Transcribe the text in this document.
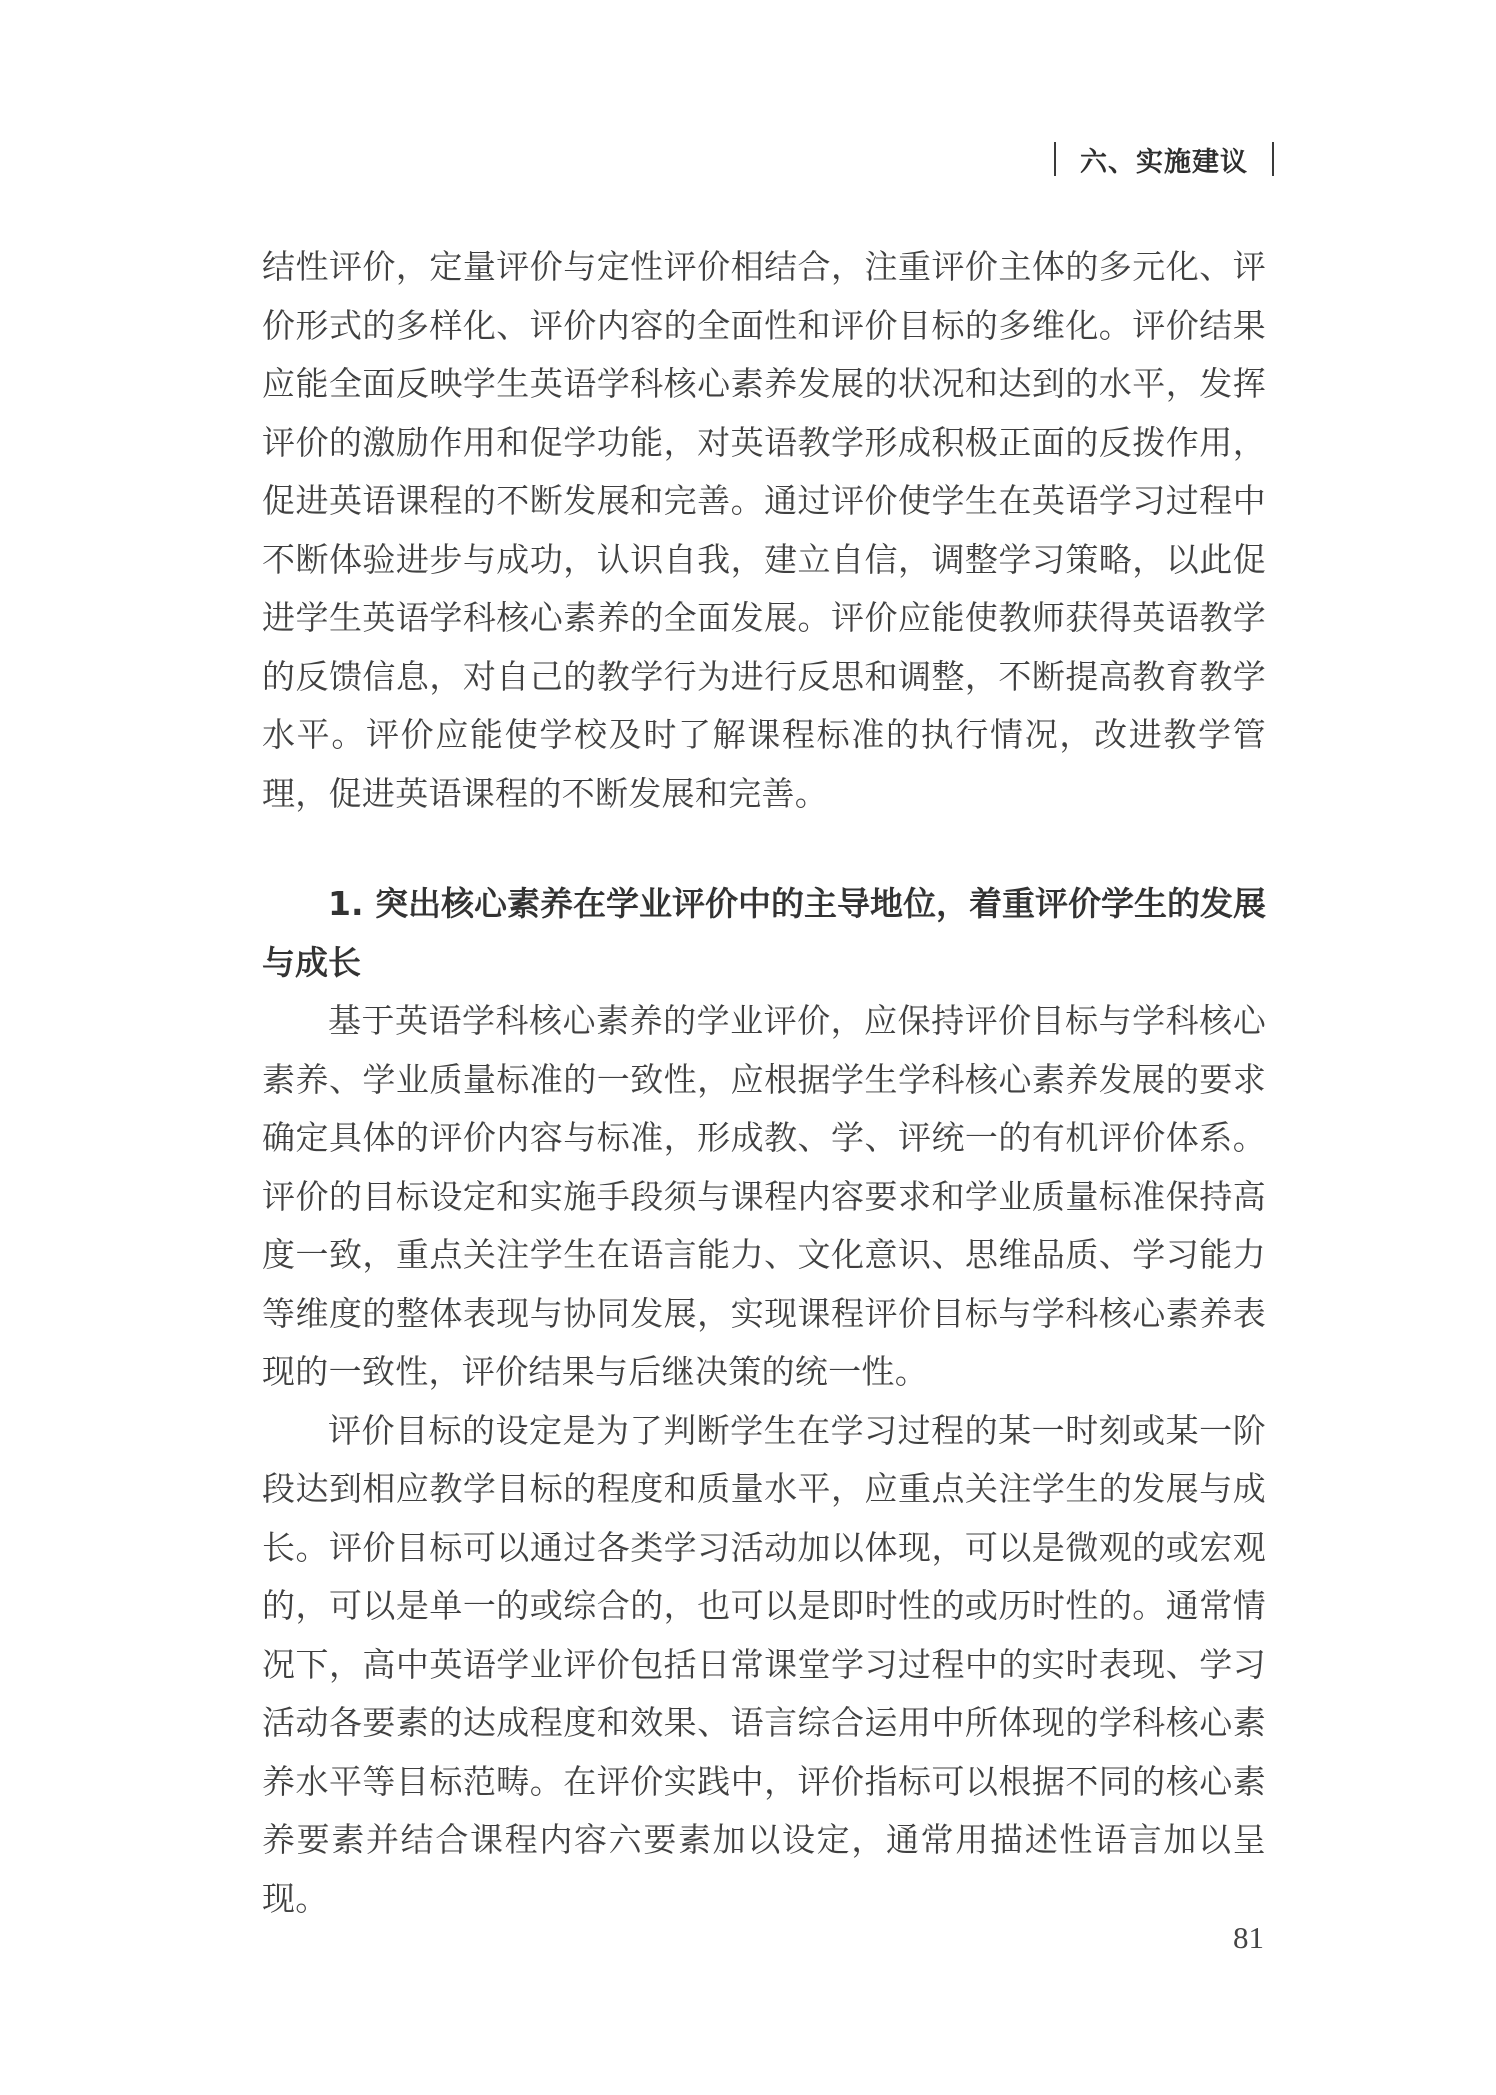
六、实施建议

结性评价，定量评价与定性评价相结合，注重评价主体的多元化、评价形式的多样化、评价内容的全面性和评价目标的多维化。评价结果应能全面反映学生英语学科核心素养发展的状况和达到的水平，发挥评价的激励作用和促学功能，对英语教学形成积极正面的反拨作用，促进英语课程的不断发展和完善。通过评价使学生在英语学习过程中不断体验进步与成功，认识自我，建立自信，调整学习策略，以此促进学生英语学科核心素养的全面发展。评价应能使教师获得英语教学的反馈信息，对自己的教学行为进行反思和调整，不断提高教育教学水平。评价应能使学校及时了解课程标准的执行情况，改进教学管理，促进英语课程的不断发展和完善。

1. 突出核心素养在学业评价中的主导地位，着重评价学生的发展与成长

基于英语学科核心素养的学业评价，应保持评价目标与学科核心素养、学业质量标准的一致性，应根据学生学科核心素养发展的要求确定具体的评价内容与标准，形成教、学、评统一的有机评价体系。评价的目标设定和实施手段须与课程内容要求和学业质量标准保持高度一致，重点关注学生在语言能力、文化意识、思维品质、学习能力等维度的整体表现与协同发展，实现课程评价目标与学科核心素养表现的一致性，评价结果与后继决策的统一性。

评价目标的设定是为了判断学生在学习过程的某一时刻或某一阶段达到相应教学目标的程度和质量水平，应重点关注学生的发展与成长。评价目标可以通过各类学习活动加以体现，可以是微观的或宏观的，可以是单一的或综合的，也可以是即时性的或历时性的。通常情况下，高中英语学业评价包括日常课堂学习过程中的实时表现、学习活动各要素的达成程度和效果、语言综合运用中所体现的学科核心素养水平等目标范畴。在评价实践中，评价指标可以根据不同的核心素养要素并结合课程内容六要素加以设定，通常用描述性语言加以呈现。

81
